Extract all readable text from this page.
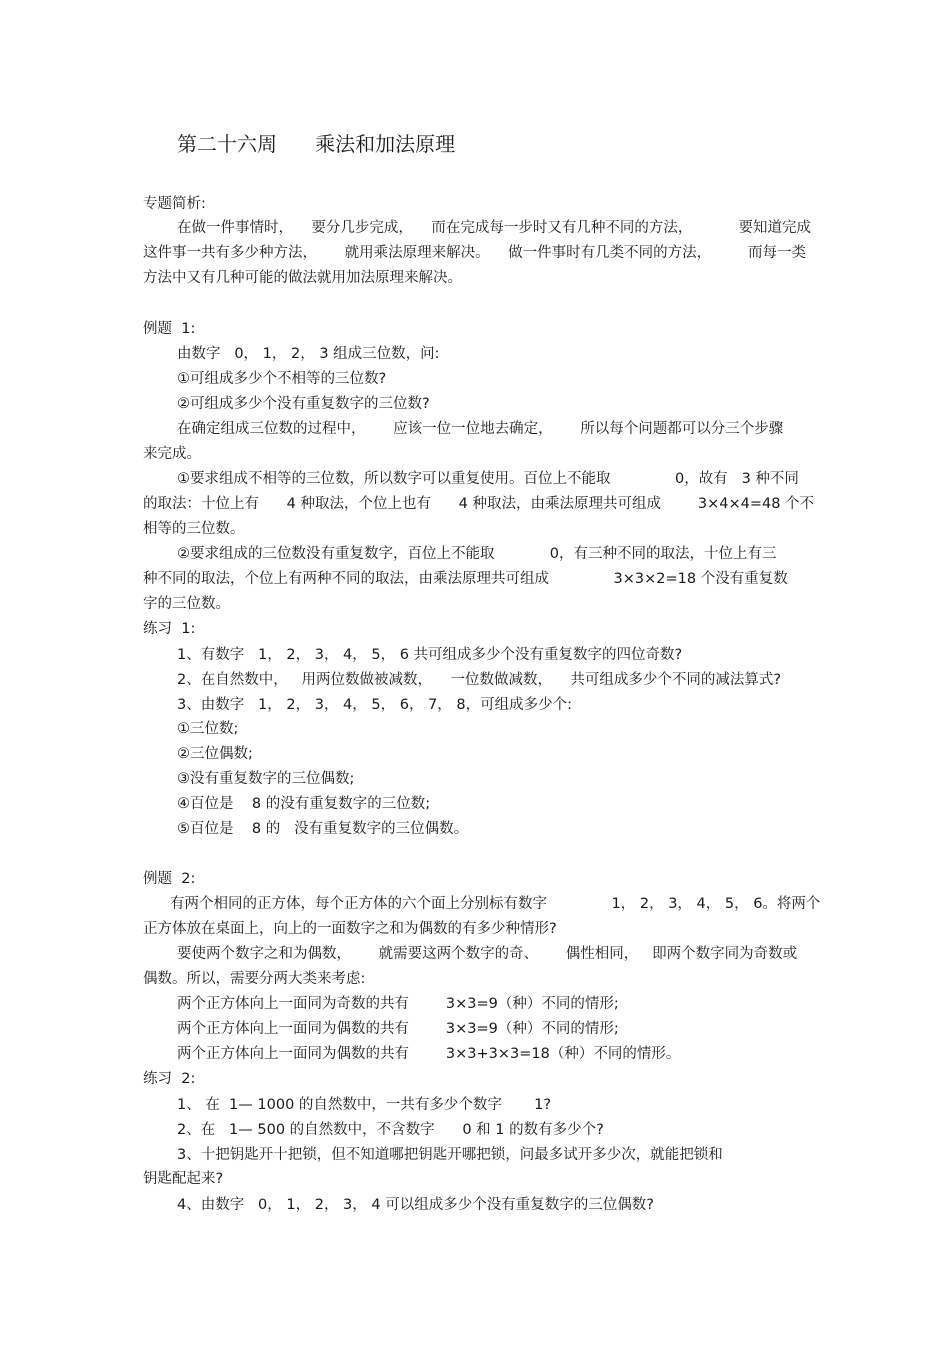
第二十六周      乘法和加法原理
专题简析:
在做一件事情时，    要分几步完成，    而在完成每一步时又有几种不同的方法，          要知道完成
这件事一共有多少种方法，      就用乘法原理来解决。    做一件事时有几类不同的方法，        而每一类
方法中又有几种可能的做法就用加法原理来解决。
例题  1:
由数字   0， 1， 2， 3 组成三位数，问:
①可组成多少个不相等的三位数?
②可组成多少个没有重复数字的三位数?
在确定组成三位数的过程中，      应该一位一位地去确定，      所以每个问题都可以分三个步骤
来完成。
①要求组成不相等的三位数，所以数字可以重复使用。百位上不能取              0，故有   3 种不同
的取法：十位上有      4 种取法，个位上也有      4 种取法，由乘法原理共可组成        3×4×4=48 个不
相等的三位数。
②要求组成的三位数没有重复数字，百位上不能取            0，有三种不同的取法，十位上有三
种不同的取法，个位上有两种不同的取法，由乘法原理共可组成              3×3×2=18 个没有重复数
字的三位数。
练习  1:
1、有数字   1， 2， 3， 4， 5， 6 共可组成多少个没有重复数字的四位奇数?
2、在自然数中，   用两位数做被减数，    一位数做减数，    共可组成多少个不同的减法算式?
3、由数字   1， 2， 3， 4， 5， 6， 7， 8，可组成多少个:
①三位数;
②三位偶数;
③没有重复数字的三位偶数;
④百位是    8 的没有重复数字的三位数;
⑤百位是    8 的   没有重复数字的三位偶数。
例题  2:
有两个相同的正方体，每个正方体的六个面上分别标有数字              1， 2， 3， 4， 5， 6。将两个
正方体放在桌面上，向上的一面数字之和为偶数的有多少种情形?
要使两个数字之和为偶数，      就需要这两个数字的奇、      偶性相同，   即两个数字同为奇数或
偶数。所以，需要分两大类来考虑:
两个正方体向上一面同为奇数的共有        3×3=9（种）不同的情形;
两个正方体向上一面同为偶数的共有        3×3=9（种）不同的情形;
两个正方体向上一面同为偶数的共有        3×3+3×3=18（种）不同的情形。
练习  2:
1、 在  1— 1000 的自然数中，一共有多少个数字       1?
2、在   1— 500 的自然数中，不含数字      0 和 1 的数有多少个?
3、十把钥匙开十把锁，但不知道哪把钥匙开哪把锁，问最多试开多少次，就能把锁和
钥匙配起来?
4、由数字   0， 1， 2， 3， 4 可以组成多少个没有重复数字的三位偶数?
